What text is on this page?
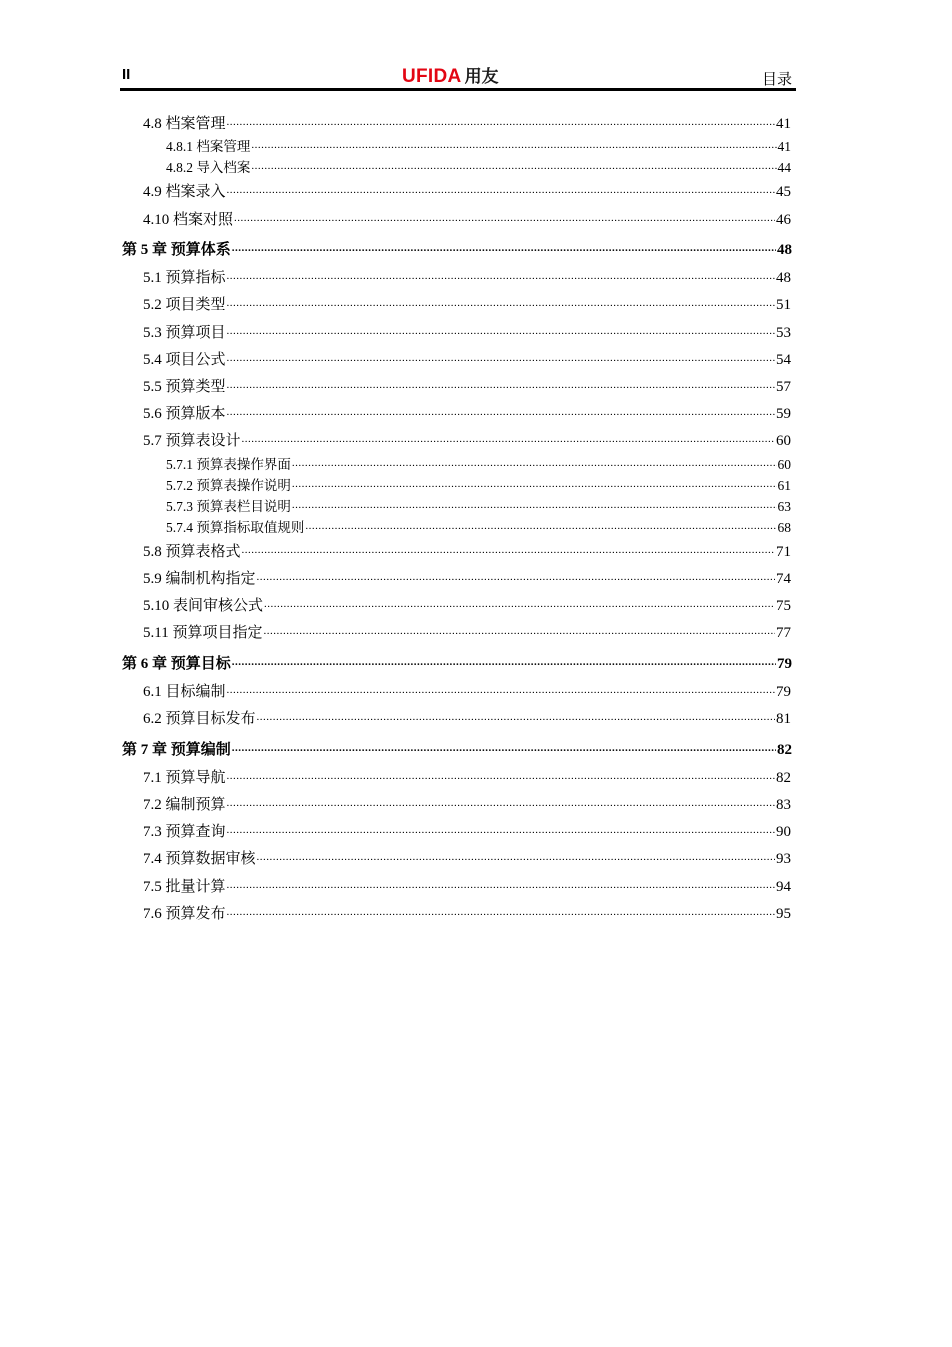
II	UFIDA 用友	目录
4.8 档案管理 .....	41
4.8.1 档案管理 .....	41
4.8.2 导入档案 .....	44
4.9 档案录入 .....	45
4.10 档案对照 .....	46
第 5 章 预算体系 .....	48
5.1 预算指标 .....	48
5.2 项目类型 .....	51
5.3 预算项目 .....	53
5.4 项目公式 .....	54
5.5 预算类型 .....	57
5.6 预算版本 .....	59
5.7 预算表设计 .....	60
5.7.1 预算表操作界面 .....	60
5.7.2 预算表操作说明 .....	61
5.7.3 预算表栏目说明 .....	63
5.7.4 预算指标取值规则 .....	68
5.8 预算表格式 .....	71
5.9 编制机构指定 .....	74
5.10 表间审核公式 .....	75
5.11 预算项目指定 .....	77
第 6 章 预算目标 .....	79
6.1 目标编制 .....	79
6.2 预算目标发布 .....	81
第 7 章 预算编制 .....	82
7.1 预算导航 .....	82
7.2 编制预算 .....	83
7.3 预算查询 .....	90
7.4 预算数据审核 .....	93
7.5 批量计算 .....	94
7.6 预算发布 .....	95
